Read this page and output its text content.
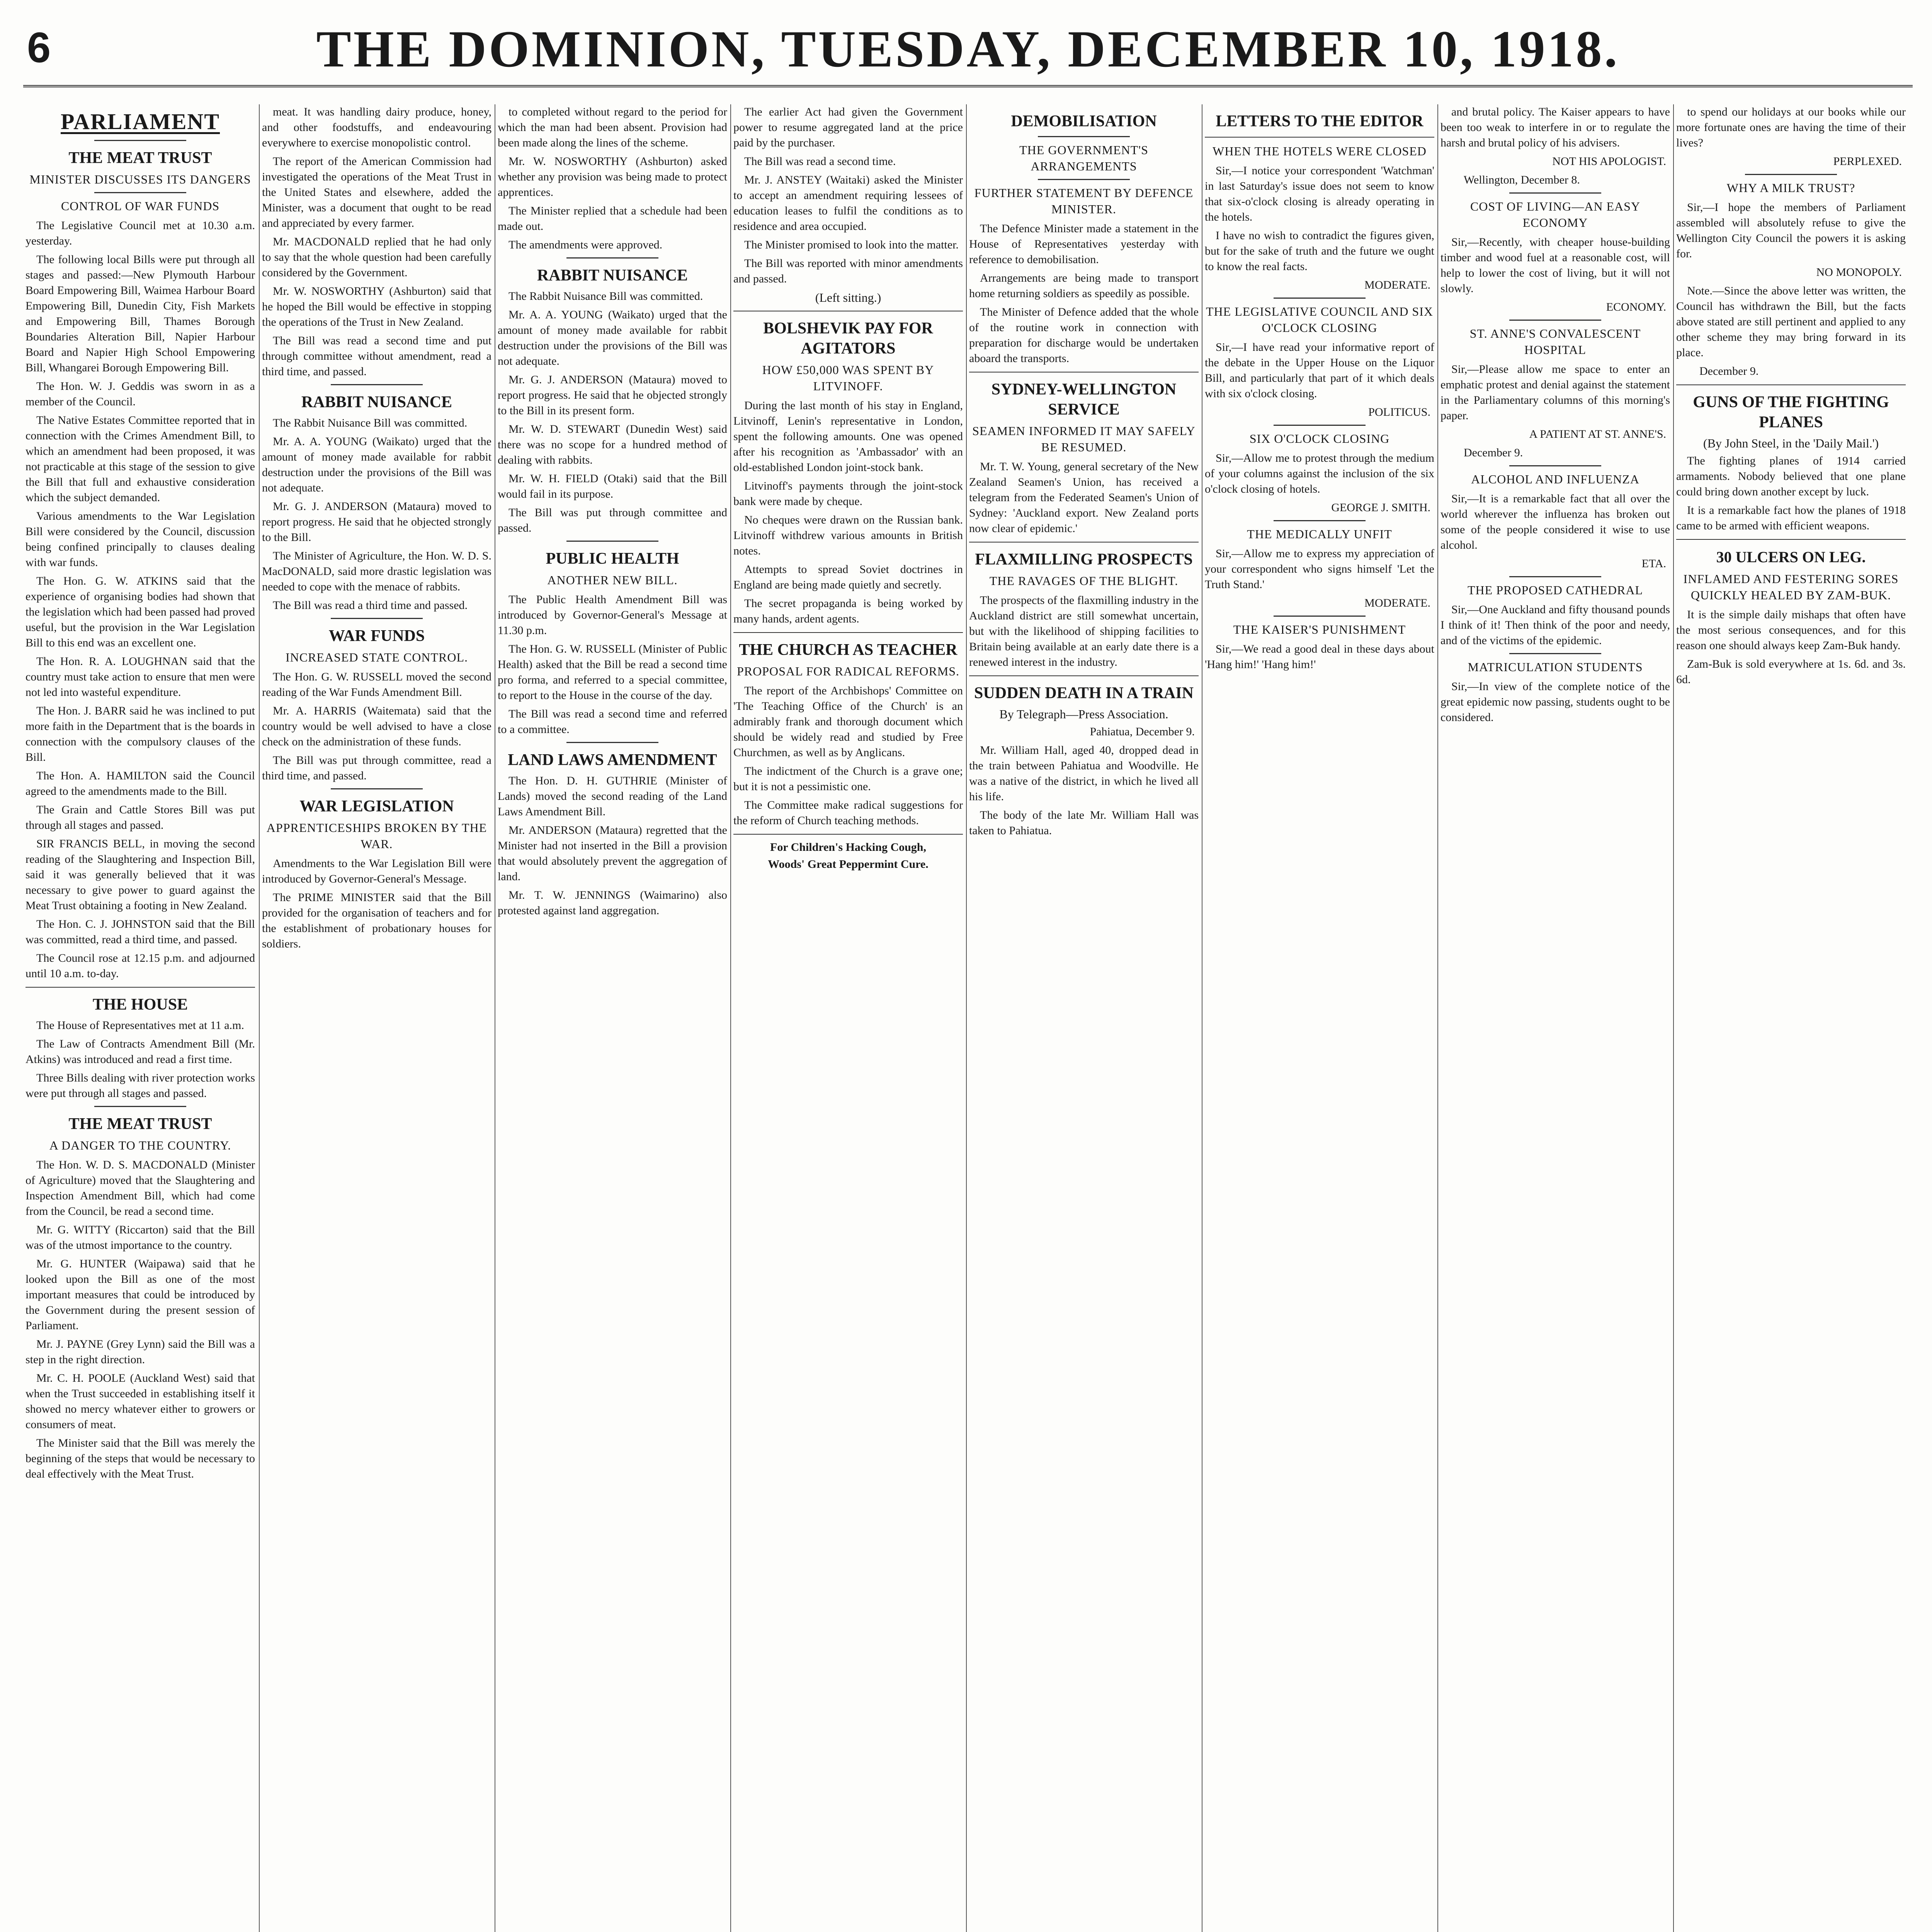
6	THE DOMINION, TUESDAY, DECEMBER 10, 1918.
PARLIAMENT
THE MEAT TRUST
MINISTER DISCUSSES ITS DANGERS
CONTROL OF WAR FUNDS

The Legislative Council met at 10.30 a.m. yesterday.

The following local Bills were put through all stages and passed:—New Plymouth Harbour Board Empowering Bill, Waimea Harbour Board Empowering Bill, Dunedin City, Fish Markets and Empowering Bill, Thames Borough Boundaries Alteration Bill, Napier Harbour Board and Napier High School Empowering Bill, Whangarei Borough Empowering Bill.

The Hon. W. J. Geddis was sworn in as a member of the Council.

The Native Estates Committee reported that in connection with the Crimes Amendment Bill, to which an amendment had been proposed, it was not practicable at this stage of the session to give the Bill that full and exhaustive consideration which the subject demanded.

Various amendments to the War Legislation Bill were considered by the Council, discussion being confined principally to clauses dealing with war funds.

The Hon. G. W. ATKINS said that the experience of organising bodies had shown that the legislation which had been passed had proved useful, but the provision in the War Legislation Bill to this end was an excellent one.

The Hon. R. A. LOUGHNAN said that the country must take action to ensure that men were not led into wasteful expenditure.

The Hon. J. BARR said he was inclined to put more faith in the Department that is the boards in connection with the compulsory clauses of the Bill.

The Hon. A. HAMILTON said the Council agreed to the amendments made to the Bill.

The Grain and Cattle Stores Bill was put through all stages and passed.

SIR FRANCIS BELL, in moving the second reading of the Slaughtering and Inspection Bill, said it was generally believed that it was necessary to give power to guard against the Meat Trust obtaining a footing in New Zealand.

The Hon. C. J. JOHNSTON said that the Bill was committed, read a third time, and passed.

The Council rose at 12.15 p.m. and adjourned until 10 a.m. to-day.

THE HOUSE

The House of Representatives met at 11 a.m.

The Law of Contracts Amendment Bill (Mr. Atkins) was introduced and read a first time.

Three Bills dealing with river protection works were put through all stages and passed.

THE MEAT TRUST
A DANGER TO THE COUNTRY.

The Hon. W. D. S. MACDONALD (Minister of Agriculture) moved that the Slaughtering and Inspection Amendment Bill, which had come from the Council, be read a second time.

Mr. G. WITTY (Riccarton) said that the Bill was of the utmost importance to the country.

Mr. G. HUNTER (Waipawa) said that he looked upon the Bill as one of the most important measures that could be introduced by the Government during the present session of Parliament.

Mr. J. PAYNE (Grey Lynn) said the Bill was a step in the right direction.

Mr. C. H. POOLE (Auckland West) said that when the Trust succeeded in establishing itself it showed no mercy whatever either to growers or consumers of meat.

The Minister said that the Bill was merely the beginning of the steps that would be necessary to deal effectively with the Meat Trust.

meat. It was handling dairy produce, honey, and other foodstuffs, and endeavouring everywhere to exercise monopolistic control.

The report of the American Commission had investigated the operations of the Meat Trust in the United States and elsewhere, added the Minister, was a document that ought to be read and appreciated by every farmer.

Mr. MACDONALD replied that he had only to say that the whole question had been carefully considered by the Government.

Mr. W. NOSWORTHY (Ashburton) said that he hoped the Bill would be effective in stopping the operations of the Trust in New Zealand.

The Bill was read a second time and put through committee without amendment, read a third time, and passed.

RABBIT NUISANCE

The Rabbit Nuisance Bill was committed.

Mr. A. A. YOUNG (Waikato) urged that the amount of money made available for rabbit destruction under the provisions of the Bill was not adequate.

Mr. G. J. ANDERSON (Mataura) moved to report progress. He said that he objected strongly to the Bill.

The Minister of Agriculture, the Hon. W. D. S. MacDONALD, said more drastic legislation was needed to cope with the menace of rabbits.

The Bill was read a third time and passed.

WAR FUNDS
INCREASED STATE CONTROL.

The Hon. G. W. RUSSELL moved the second reading of the War Funds Amendment Bill.

Mr. A. HARRIS (Waitemata) said that the country would be well advised to have a close check on the administration of these funds.

The Bill was put through committee, read a third time, and passed.

WAR LEGISLATION
APPRENTICESHIPS BROKEN BY THE WAR.

Amendments to the War Legislation Bill were introduced by Governor-General's Message.

The PRIME MINISTER said that the Bill provided for the organisation of teachers and for the establishment of probationary houses for soldiers.

to completed without regard to the period for which the man had been absent. Provision had been made along the lines of the scheme.

Mr. W. NOSWORTHY (Ashburton) asked whether any provision was being made to protect apprentices.

The Minister replied that a schedule had been made out.

The amendments were approved.

RABBIT NUISANCE

The Rabbit Nuisance Bill was committed.

Mr. A. A. YOUNG (Waikato) urged that the amount of money made available for rabbit destruction under the provisions of the Bill was not adequate.

Mr. G. J. ANDERSON (Mataura) moved to report progress. He said that he objected strongly to the Bill in its present form.

Mr. W. D. STEWART (Dunedin West) said there was no scope for a hundred method of dealing with rabbits.

Mr. W. H. FIELD (Otaki) said that the Bill would fail in its purpose.

The Bill was put through committee and passed.

PUBLIC HEALTH
ANOTHER NEW BILL.

The Public Health Amendment Bill was introduced by Governor-General's Message at 11.30 p.m.

The Hon. G. W. RUSSELL (Minister of Public Health) asked that the Bill be read a second time pro forma, and referred to a special committee, to report to the House in the course of the day.

The Bill was read a second time and referred to a committee.

LAND LAWS AMENDMENT

The Hon. D. H. GUTHRIE (Minister of Lands) moved the second reading of the Land Laws Amendment Bill.

Mr. ANDERSON (Mataura) regretted that the Minister had not inserted in the Bill a provision that would absolutely prevent the aggregation of land.

Mr. T. W. JENNINGS (Waimarino) also protested against land aggregation.

The earlier Act had given the Government power to resume aggregated land at the price paid by the purchaser.

The Bill was read a second time.

Mr. J. ANSTEY (Waitaki) asked the Minister to accept an amendment requiring lessees of education leases to fulfil the conditions as to residence and area occupied.

The Minister promised to look into the matter.

The Bill was reported with minor amendments and passed.

(Left sitting.)
BOLSHEVIK PAY FOR AGITATORS
HOW £50,000 WAS SPENT BY LITVINOFF.

During the last month of his stay in England, Litvinoff, Lenin's representative in London, spent the following amounts. One was opened after his recognition as 'Ambassador' with an old-established London joint-stock bank.

Litvinoff's payments through the joint-stock bank were made by cheque.

No cheques were drawn on the Russian bank. Litvinoff withdrew various amounts in British notes.

Attempts to spread Soviet doctrines in England are being made quietly and secretly.

The secret propaganda is being worked by many hands, ardent agents.

THE CHURCH AS TEACHER
PROPOSAL FOR RADICAL REFORMS.

The report of the Archbishops' Committee on 'The Teaching Office of the Church' is an admirably frank and thorough document which should be widely read and studied by Free Churchmen, as well as by Anglicans.

The indictment of the Church is a grave one; but it is not a pessimistic one.

The Committee make radical suggestions for the reform of Church teaching methods.

For Children's Hacking Cough,
Woods' Great Peppermint Cure.
DEMOBILISATION
THE GOVERNMENT'S ARRANGEMENTS
FURTHER STATEMENT BY DEFENCE MINISTER.

The Defence Minister made a statement in the House of Representatives yesterday with reference to demobilisation.

Arrangements are being made to transport home returning soldiers as speedily as possible.

The Minister of Defence added that the whole of the routine work in connection with preparation for discharge would be undertaken aboard the transports.

SYDNEY-WELLINGTON SERVICE
SEAMEN INFORMED IT MAY SAFELY BE RESUMED.

Mr. T. W. Young, general secretary of the New Zealand Seamen's Union, has received a telegram from the Federated Seamen's Union of Sydney: 'Auckland export. New Zealand ports now clear of epidemic.'

FLAXMILLING PROSPECTS
THE RAVAGES OF THE BLIGHT.

The prospects of the flaxmilling industry in the Auckland district are still somewhat uncertain, but with the likelihood of shipping facilities to Britain being available at an early date there is a renewed interest in the industry.

SUDDEN DEATH IN A TRAIN
By Telegraph—Press Association.
Pahiatua, December 9.

Mr. William Hall, aged 40, dropped dead in the train between Pahiatua and Woodville. He was a native of the district, in which he lived all his life.

The body of the late Mr. William Hall was taken to Pahiatua.

LETTERS TO THE EDITOR
WHEN THE HOTELS WERE CLOSED

Sir,—I notice your correspondent 'Watchman' in last Saturday's issue does not seem to know that six-o'clock closing is already operating in the hotels.

I have no wish to contradict the figures given, but for the sake of truth and the future we ought to know the real facts.

MODERATE.
THE LEGISLATIVE COUNCIL AND SIX O'CLOCK CLOSING

Sir,—I have read your informative report of the debate in the Upper House on the Liquor Bill, and particularly that part of it which deals with six o'clock closing.

POLITICUS.
SIX O'CLOCK CLOSING

Sir,—Allow me to protest through the medium of your columns against the inclusion of the six o'clock closing of hotels.

GEORGE J. SMITH.
THE MEDICALLY UNFIT

Sir,—Allow me to express my appreciation of your correspondent who signs himself 'Let the Truth Stand.'

MODERATE.
THE KAISER'S PUNISHMENT

Sir,—We read a good deal in these days about 'Hang him!' 'Hang him!'

and brutal policy. The Kaiser appears to have been too weak to interfere in or to regulate the harsh and brutal policy of his advisers.

NOT HIS APOLOGIST.
Wellington, December 8.
COST OF LIVING—AN EASY ECONOMY

Sir,—Recently, with cheaper house-building timber and wood fuel at a reasonable cost, will help to lower the cost of living, but it will not slowly.

ECONOMY.
ST. ANNE'S CONVALESCENT HOSPITAL

Sir,—Please allow me space to enter an emphatic protest and denial against the statement in the Parliamentary columns of this morning's paper.

A PATIENT AT ST. ANNE'S.
December 9.
ALCOHOL AND INFLUENZA

Sir,—It is a remarkable fact that all over the world wherever the influenza has broken out some of the people considered it wise to use alcohol.

ETA.
THE PROPOSED CATHEDRAL

Sir,—One Auckland and fifty thousand pounds I think of it! Then think of the poor and needy, and of the victims of the epidemic.

MATRICULATION STUDENTS

Sir,—In view of the complete notice of the great epidemic now passing, students ought to be considered.

to spend our holidays at our books while our more fortunate ones are having the time of their lives?

PERPLEXED.
WHY A MILK TRUST?

Sir,—I hope the members of Parliament assembled will absolutely refuse to give the Wellington City Council the powers it is asking for.

NO MONOPOLY.

Note.—Since the above letter was written, the Council has withdrawn the Bill, but the facts above stated are still pertinent and applied to any other scheme they may bring forward in its place.

December 9.
GUNS OF THE FIGHTING PLANES
(By John Steel, in the 'Daily Mail.')

The fighting planes of 1914 carried armaments. Nobody believed that one plane could bring down another except by luck.

It is a remarkable fact how the planes of 1918 came to be armed with efficient weapons.

30 ULCERS ON LEG.
INFLAMED AND FESTERING SORES QUICKLY HEALED BY ZAM-BUK.

It is the simple daily mishaps that often have the most serious consequences, and for this reason one should always keep Zam-Buk handy.

Zam-Buk is sold everywhere at 1s. 6d. and 3s. 6d.
